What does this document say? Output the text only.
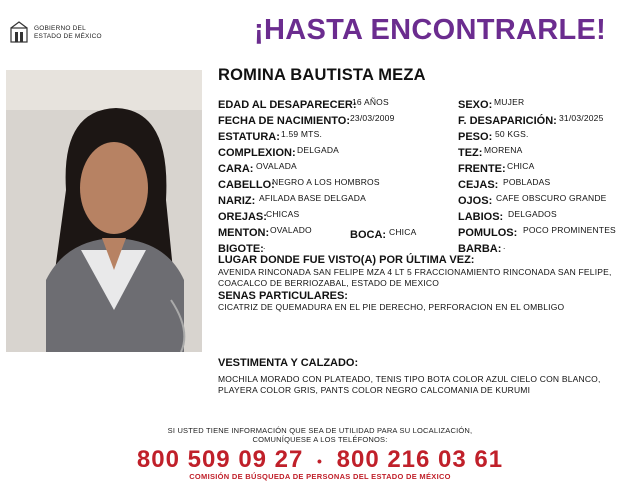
GOBIERNO DEL
ESTADO DE MÉXICO	¡HASTA ENCONTRARLE!
ROMINA BAUTISTA MEZA
EDAD AL DESAPARECER:
16 AÑOS
FECHA DE NACIMIENTO: 23/03/2009
ESTATURA: 1.59 MTS.
COMPLEXION: DELGADA
CARA: OVALADA
CABELLO:
NEGRO A LOS HOMBROS
NARIZ: AFILADA BASE DELGADA
OREJAS: CHICAS
MENTON: OVALADO
BIGOTE: .
BOCA: CHICA
SEXO: MUJER
F. DESAPARICIÓN: 31/03/2025
PESO: 50 KGS.
TEZ: MORENA
FRENTE: CHICA
CEJAS: POBLADAS
OJOS: CAFE OBSCURO GRANDE
LABIOS: DELGADOS
POMULOS: POCO PROMINENTES
BARBA: .
LUGAR DONDE FUE VISTO(A) POR ÚLTIMA VEZ:
AVENIDA RINCONADA SAN FELIPE MZA 4 LT 5 FRACCIONAMIENTO RINCONADA SAN FELIPE, COACALCO DE BERRIOZABAL, ESTADO DE MEXICO
SENAS PARTICULARES:
CICATRIZ DE QUEMADURA EN EL PIE DERECHO, PERFORACION EN EL OMBLIGO
VESTIMENTA Y CALZADO:
MOCHILA MORADO CON PLATEADO, TENIS TIPO BOTA COLOR AZUL CIELO CON BLANCO, PLAYERA COLOR GRIS, PANTS COLOR NEGRO CALCOMANIA DE KURUMI
SI USTED TIENE INFORMACIÓN QUE SEA DE UTILIDAD PARA SU LOCALIZACIÓN,
COMUNÍQUESE A LOS TELÉFONOS:
800 509 09 27 • 800 216 03 61
COMISIÓN DE BÚSQUEDA DE PERSONAS DEL ESTADO DE MÉXICO
